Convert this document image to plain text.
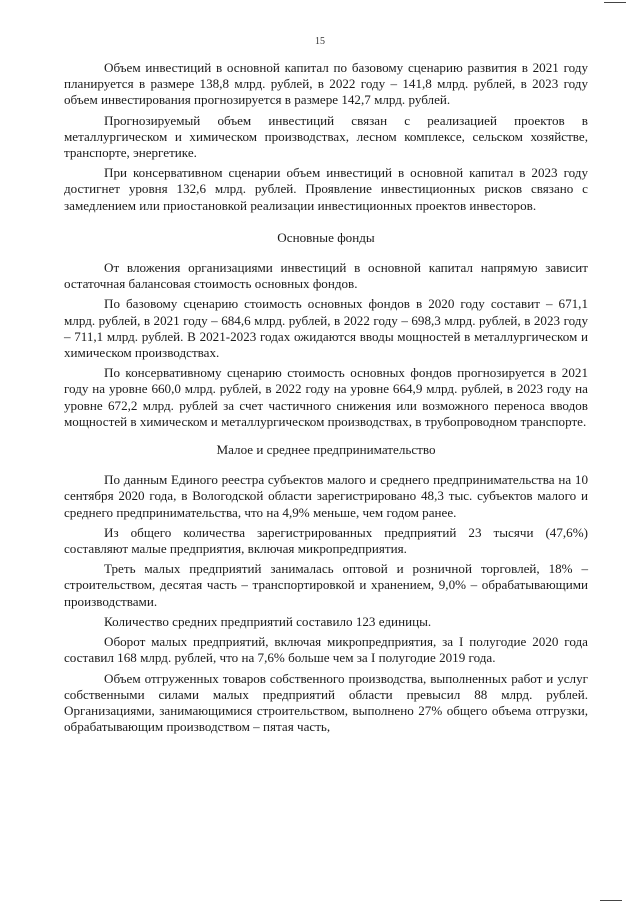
15

Объем инвестиций в основной капитал по базовому сценарию развития в 2021 году планируется в размере 138,8 млрд. рублей, в 2022 году – 141,8 млрд. рублей, в 2023 году объем инвестирования прогнозируется в размере 142,7 млрд. рублей.

Прогнозируемый объем инвестиций связан с реализацией проектов в металлургическом и химическом производствах, лесном комплексе, сельском хозяйстве, транспорте, энергетике.

При консервативном сценарии объем инвестиций в основной капитал в 2023 году достигнет уровня 132,6 млрд. рублей. Проявление инвестиционных рисков связано с замедлением или приостановкой реализации инвестиционных проектов инвесторов.

Основные фонды

От вложения организациями инвестиций в основной капитал напрямую зависит остаточная балансовая стоимость основных фондов.

По базовому сценарию стоимость основных фондов в 2020 году составит – 671,1 млрд. рублей, в 2021 году – 684,6 млрд. рублей, в 2022 году – 698,3 млрд. рублей, в 2023 году – 711,1 млрд. рублей. В 2021-2023 годах ожидаются вводы мощностей в металлургическом и химическом производствах.

По консервативному сценарию стоимость основных фондов прогнозируется в 2021 году на уровне 660,0 млрд. рублей, в 2022 году на уровне 664,9 млрд. рублей, в 2023 году на уровне 672,2 млрд. рублей за счет частичного снижения или возможного переноса вводов мощностей в химическом и металлургическом производствах, в трубопроводном транспорте.

Малое и среднее предпринимательство

По данным Единого реестра субъектов малого и среднего предпринимательства на 10 сентября 2020 года, в Вологодской области зарегистрировано 48,3 тыс. субъектов малого и среднего предпринимательства, что на 4,9% меньше, чем годом ранее.

Из общего количества зарегистрированных предприятий 23 тысячи (47,6%) составляют малые предприятия, включая микропредприятия.

Треть малых предприятий занималась оптовой и розничной торговлей, 18% – строительством, десятая часть – транспортировкой и хранением, 9,0% – обрабатывающими производствами.

Количество средних предприятий составило 123 единицы.

Оборот малых предприятий, включая микропредприятия, за I полугодие 2020 года составил 168 млрд. рублей, что на 7,6% больше чем за I полугодие 2019 года.

Объем отгруженных товаров собственного производства, выполненных работ и услуг собственными силами малых предприятий области превысил 88 млрд. рублей. Организациями, занимающимися строительством, выполнено 27% общего объема отгрузки, обрабатывающим производством – пятая часть,
